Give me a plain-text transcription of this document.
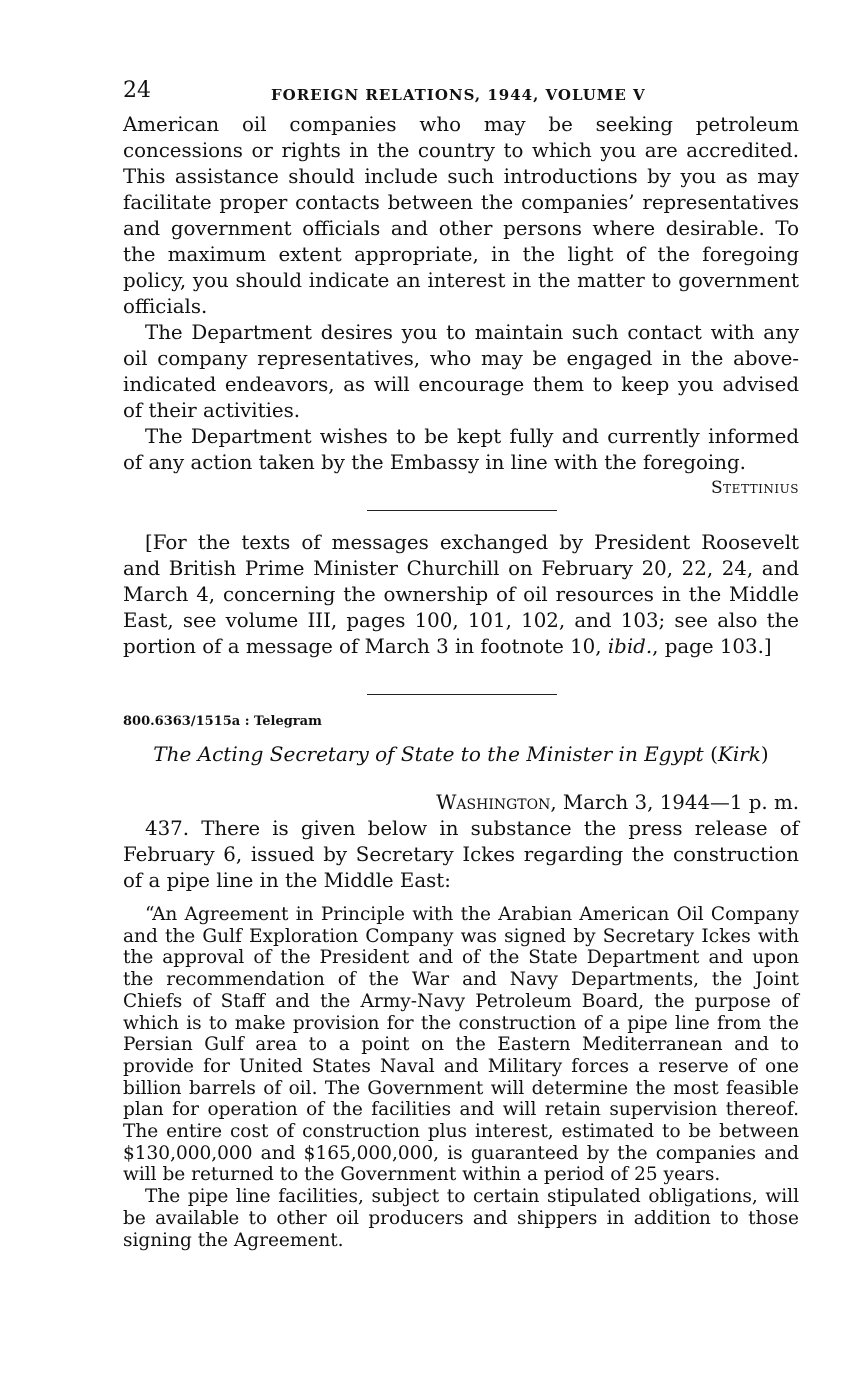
24	FOREIGN RELATIONS, 1944, VOLUME V

American oil companies who may be seeking petroleum concessions or rights in the country to which you are accredited. This assistance should include such introductions by you as may facilitate proper contacts between the companies’ representatives and government officials and other persons where desirable. To the maximum extent appropriate, in the light of the foregoing policy, you should indicate an interest in the matter to government officials.

The Department desires you to maintain such contact with any oil company representatives, who may be engaged in the above-indicated endeavors, as will encourage them to keep you advised of their activities.

The Department wishes to be kept fully and currently informed of any action taken by the Embassy in line with the foregoing.

Stettinius

[For the texts of messages exchanged by President Roosevelt and British Prime Minister Churchill on February 20, 22, 24, and March 4, concerning the ownership of oil resources in the Middle East, see volume III, pages 100, 101, 102, and 103; see also the portion of a message of March 3 in footnote 10, ibid., page 103.]

800.6363/1515a : Telegram
The Acting Secretary of State to the Minister in Egypt (Kirk)
Washington, March 3, 1944—1 p. m.

437. There is given below in substance the press release of February 6, issued by Secretary Ickes regarding the construction of a pipe line in the Middle East:

“An Agreement in Principle with the Arabian American Oil Company and the Gulf Exploration Company was signed by Secretary Ickes with the approval of the President and of the State Department and upon the recommendation of the War and Navy Departments, the Joint Chiefs of Staff and the Army-Navy Petroleum Board, the purpose of which is to make provision for the construction of a pipe line from the Persian Gulf area to a point on the Eastern Mediterranean and to provide for United States Naval and Military forces a reserve of one billion barrels of oil. The Government will determine the most feasible plan for operation of the facilities and will retain supervision thereof. The entire cost of construction plus interest, estimated to be between $130,000,000 and $165,000,000, is guaranteed by the companies and will be returned to the Government within a period of 25 years.

The pipe line facilities, subject to certain stipulated obligations, will be available to other oil producers and shippers in addition to those signing the Agreement.
